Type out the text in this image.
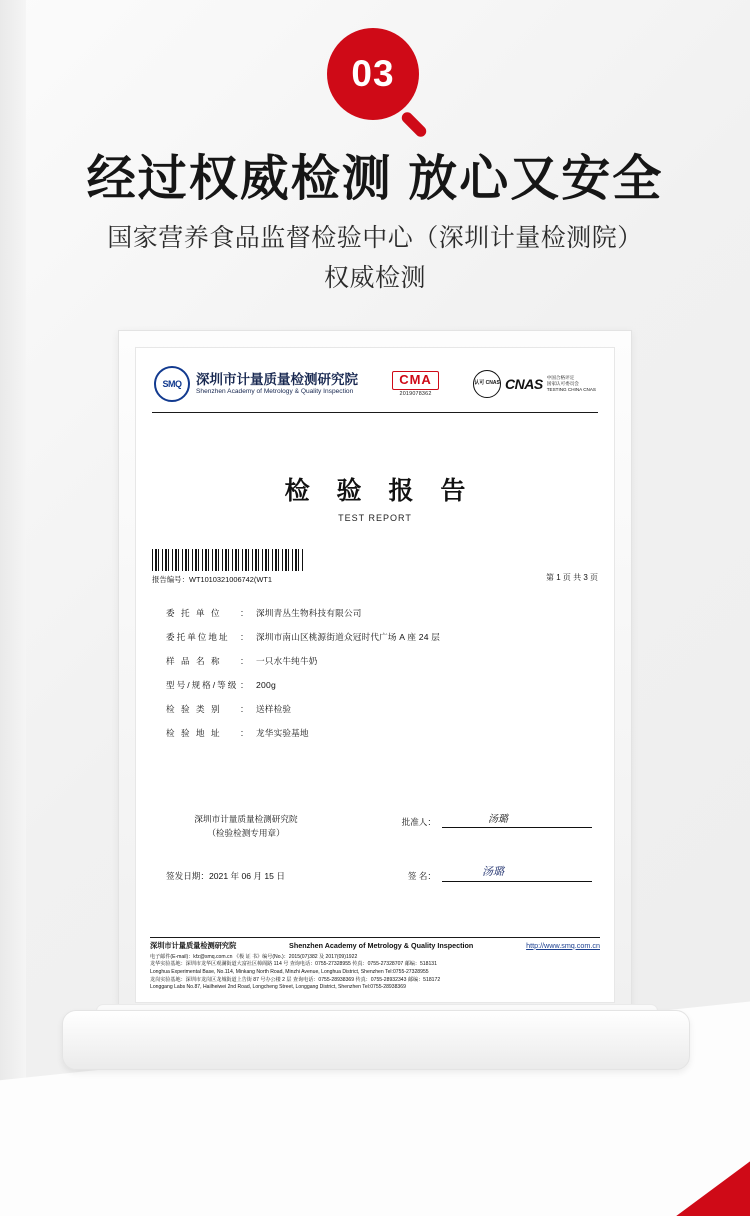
03
经过权威检测 放心又安全
国家营养食品监督检验中心（深圳计量检测院）
权威检测
SMQ	深圳市计量质量检测研究院
Shenzhen Academy of Metrology & Quality Inspection
CMA
2019078362
认可 CNAS CNAS 中国合格评定
国家认可委员会
TESTING CHINA CNAS
检 验 报 告
TEST REPORT
报告编号：WT1010321006742(WT1	第 1 页 共 3 页
委 托 单 位	： 深圳青丛生物科技有限公司
委托单位地址	： 深圳市南山区桃源街道众冠时代广场 A 座 24 层
样 品 名 称	： 一只水牛纯牛奶
型号/规格/等级 ： 200g
检 验 类 别	： 送样检验
检 验 地 址	： 龙华实验基地
深圳市计量质量检测研究院
（检验检测专用章）
批准人：	汤璐
签发日期：2021 年 06 月 15 日	签 名：	汤璐
深圳市计量质量检测研究院	Shenzhen Academy of Metrology & Quality Inspection	http://www.smq.com.cn
电子邮件(E-mail)：kfz@smq.com.cn 《极 证 书》编号(No.)：2015(07)382 及 2017(09)1922
龙华实验基地：深圳市龙华区观澜街道大富社区樟阁路 114 号 查询电话：0755-27328955 传真：0755-27328707 邮编：518131
Longhua Experimental Base, No.114, Minkang North Road, Minzhi Avenue, Longhua District, Shenzhen Tel:0755-27328955
龙岗实验基地：深圳市龙岗区龙城街道上告街 87 号办公楼 2 层 查询电话：0755-28938369 传真：0755-28932343 邮编：518172
Longgang Labs No.87, Hailheiwei 2nd Road, Longcheng Street, Longgang District, Shenzhen Tel:0755-28938369
